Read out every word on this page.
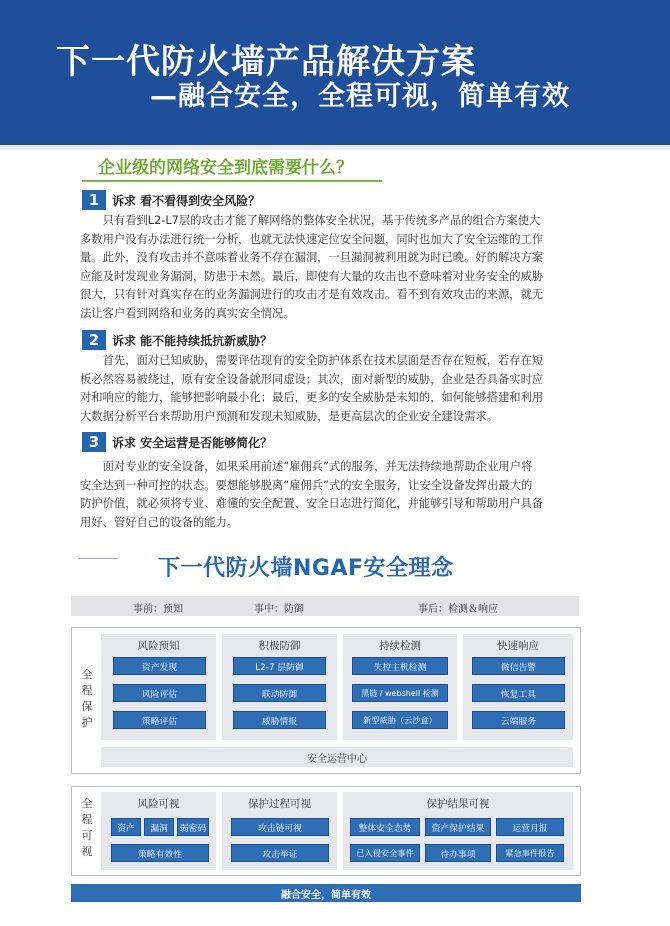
下一代防火墙产品解决方案
—融合安全，全程可视，简单有效
企业级的网络安全到底需要什么？
1	诉求 看不看得到安全风险？
只有看到L2-L7层的攻击才能了解网络的整体安全状况，基于传统多产品的组合方案使大
多数用户没有办法进行统一分析，也就无法快速定位安全问题，同时也加大了安全运维的工作
量。此外，没有攻击并不意味着业务不存在漏洞，一旦漏洞被利用就为时已晚。好的解决方案
应能及时发现业务漏洞，防患于未然。最后，即使有大量的攻击也不意味着对业务安全的威胁
很大，只有针对真实存在的业务漏洞进行的攻击才是有效攻击。看不到有效攻击的来源，就无
法让客户看到网络和业务的真实安全情况。
2	诉求 能不能持续抵抗新威胁？
首先，面对已知威胁，需要评估现有的安全防护体系在技术层面是否存在短板，若存在短
板必然容易被绕过，原有安全设备就形同虚设；其次，面对新型的威胁，企业是否具备实时应
对和响应的能力，能够把影响最小化；最后，更多的安全威胁是未知的，如何能够搭建和利用
大数据分析平台来帮助用户预测和发现未知威胁，是更高层次的企业安全建设需求。
3	诉求 安全运营是否能够简化？
面对专业的安全设备，如果采用前述“雇佣兵”式的服务，并无法持续地帮助企业用户将
安全达到一种可控的状态。要想能够脱离“雇佣兵”式的安全服务，让安全设备发挥出最大的
防护价值，就必须将专业、难懂的安全配置、安全日志进行简化，并能够引导和帮助用户具备
用好、管好自己的设备的能力。
下一代防火墙NGAF安全理念
事前：预知	事中：防御	事后：检测＆响应
全程保护
风险预知
资产发现
风险评估
策略评估
积极防御
L2-7 层防御
联动防御
威胁情报
持续检测
失控主机检测
黑链 / webshell 检测
新型威胁（云沙盒）
快速响应
微信告警
恢复工具
云端服务
安全运营中心
全程可视
风险可视
资产	漏洞	弱密码
策略有效性
保护过程可视
攻击链可视
攻击举证
保护结果可视
整体安全态势	资产保护结果	运营月报
已入侵安全事件	待办事项	紧急事件报告
融合安全，简单有效
